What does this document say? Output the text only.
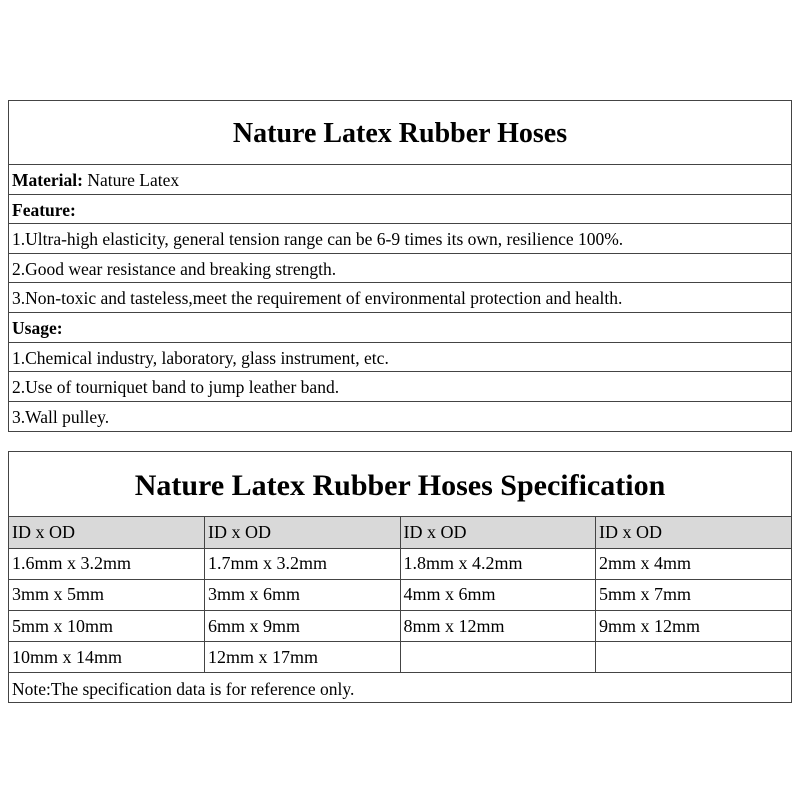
Nature Latex Rubber Hoses
Material: Nature Latex
Feature:
1.Ultra-high elasticity, general tension range can be 6-9 times its own, resilience 100%.
2.Good wear resistance and breaking strength.
3.Non-toxic and tasteless,meet the requirement of environmental protection and health.
Usage:
1.Chemical industry, laboratory, glass instrument, etc.
2.Use of tourniquet band to jump leather band.
3.Wall pulley.
Nature Latex Rubber Hoses Specification
ID x OD	ID x OD	ID x OD	ID x OD
1.6mm x 3.2mm	1.7mm x 3.2mm	1.8mm x 4.2mm	2mm x 4mm
3mm x 5mm	3mm x 6mm	4mm x 6mm	5mm x 7mm
5mm x 10mm	6mm x 9mm	8mm x 12mm	9mm x 12mm
10mm x 14mm	12mm x 17mm		
Note:The specification data is for reference only.
